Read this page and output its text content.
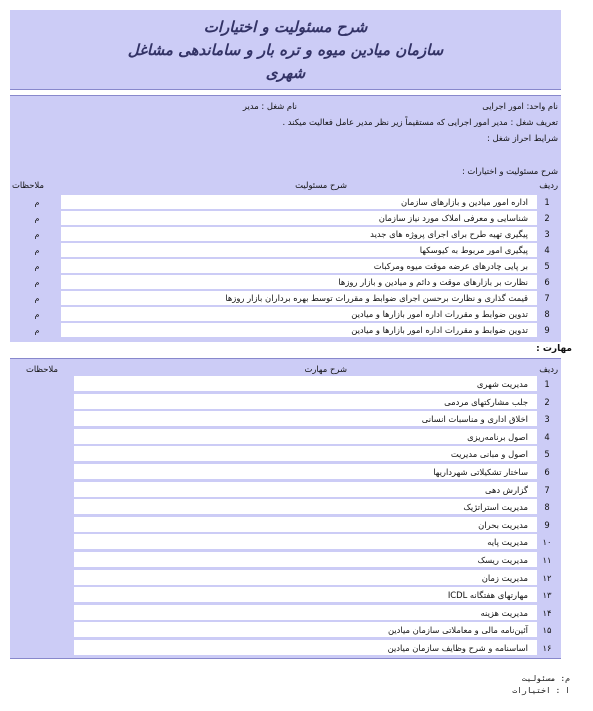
شرح مسئولیت و اختیارات
سازمان میادین میوه و تره بار و ساماندهی مشاغل
شهری
نام واحد: امور اجرایی
نام شغل : مدیر
تعریف شغل : مدیر امور اجرایی که مستقیماً زیر نظر مدیر عامل فعالیت میکند .
شرایط احراز شغل :
شرح مسئولیت و اختیارات :
ردیف
شرح مسئولیت
ملاحظات
1
اداره امور میادین و بازارهای سازمان
م
2
شناسایی و معرفی املاک مورد نیاز سازمان
م
3
پیگیری تهیه طرح برای اجرای پروژه های جدید
م
4
پیگیری امور مربوط به کیوسکها
م
5
بر پایی چادرهای عرضه موقت میوه ومرکبات
م
6
نظارت بر بازارهای موقت و دائم و میادین و بازار روزها
م
7
قیمت گذاری و نظارت برحسن اجرای ضوابط و مقررات توسط بهره برداران بازار روزها
م
8
تدوین ضوابط و مقررات اداره امور بازارها و میادین
م
9
تدوین ضوابط و مقررات اداره امور بازارها و میادین
م
مهارت :
ردیف
شرح مهارت
ملاحظات
1
مدیریت شهری
2
جلب مشارکتهای مردمی
3
اخلاق اداری و مناسبات انسانی
4
اصول برنامەریزی
5
اصول و مبانی مدیریت
6
ساختار تشکیلاتی شهرداریها
7
گزارش دهی
8
مدیریت استراتژیک
9
مدیریت بحران
۱۰
مدیریت پایه
۱۱
مدیریت ریسک
۱۲
مدیریت زمان
۱۳
مهارتهای هفتگانه ICDL
۱۴
مدیریت هزینه
۱۵
آئین‌نامه مالی و معاملاتی سازمان میادین
۱۶
اساسنامه و شرح وظایف سازمان میادین
م: مسئولیت
ا : اختیارات
